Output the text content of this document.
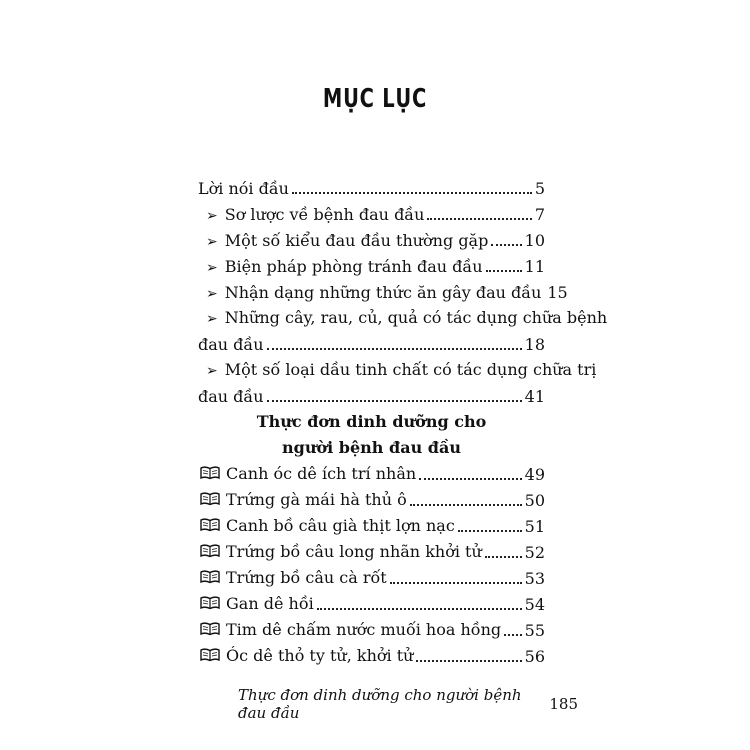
MỤC LỤC
Lời nói đầu	5
➢ Sơ lược về bệnh đau đầu	7
➢ Một số kiểu đau đầu thường gặp 10
➢ Biện pháp phòng tránh đau đầu	11
➢ Nhận dạng những thức ăn gây đau đầu 15
➢ Những cây, rau, củ, quả có tác dụng chữa bệnh
đau đầu	18
➢ Một số loại dầu tinh chất có tác dụng chữa trị
đau đầu	41
Thực đơn dinh dưỡng cho
người bệnh đau đầu
Canh óc dê ích trí nhân	49
Trứng gà mái hà thủ ô	50
Canh bồ câu già thịt lợn nạc	51
Trứng bồ câu long nhãn khởi tử	52
Trứng bồ câu cà rốt	53
Gan dê hồi	54
Tim dê chấm nước muối hoa hồng 55
Óc dê thỏ ty tử, khởi tử	56
Thực đơn dinh dưỡng cho người bệnh đau đầu	185
